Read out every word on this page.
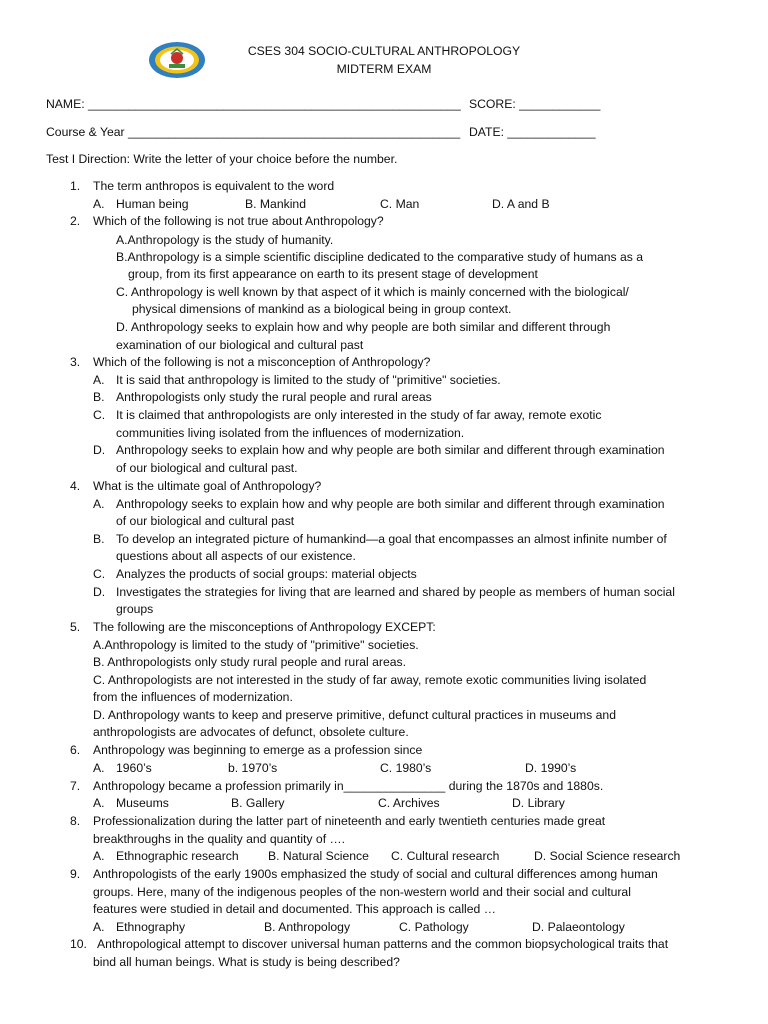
CSES 304 SOCIO-CULTURAL ANTHROPOLOGY
MIDTERM EXAM
NAME: _______________________________________________________ SCORE: ____________
Course & Year _________________________________________________ DATE: _____________
Test I Direction: Write the letter of your choice before the number.
1. The term anthropos is equivalent to the word
A. Human being	B. Mankind	C. Man	D. A and B
2. Which of the following is not true about Anthropology?
A.Anthropology is the study of humanity.
B.Anthropology is a simple scientific discipline dedicated to the comparative study of humans as a
group, from its first appearance on earth to its present stage of development
C. Anthropology is well known by that aspect of it which is mainly concerned with the biological/
physical dimensions of mankind as a biological being in group context.
D. Anthropology seeks to explain how and why people are both similar and different through
examination of our biological and cultural past
3. Which of the following is not a misconception of Anthropology?
A. It is said that anthropology is limited to the study of "primitive" societies.
B. Anthropologists only study the rural people and rural areas
C. It is claimed that anthropologists are only interested in the study of far away, remote exotic
communities living isolated from the influences of modernization.
D. Anthropology seeks to explain how and why people are both similar and different through examination
of our biological and cultural past.
4. What is the ultimate goal of Anthropology?
A. Anthropology seeks to explain how and why people are both similar and different through examination
of our biological and cultural past
B. To develop an integrated picture of humankind—a goal that encompasses an almost infinite number of
questions about all aspects of our existence.
C. Analyzes the products of social groups: material objects
D. Investigates the strategies for living that are learned and shared by people as members of human social
groups
5. The following are the misconceptions of Anthropology EXCEPT:
A.Anthropology is limited to the study of "primitive" societies.
B. Anthropologists only study rural people and rural areas.
C. Anthropologists are not interested in the study of far away, remote exotic communities living isolated
from the influences of modernization.
D. Anthropology wants to keep and preserve primitive, defunct cultural practices in museums and
anthropologists are advocates of defunct, obsolete culture.
6. Anthropology was beginning to emerge as a profession since
A. 1960’s	b. 1970’s	C. 1980’s	D. 1990’s
7. Anthropology became a profession primarily in_______________ during the 1870s and 1880s.
A. Museums	B. Gallery	C. Archives	D. Library
8. Professionalization during the latter part of nineteenth and early twentieth centuries made great
breakthroughs in the quality and quantity of ….
A. Ethnographic research B. Natural Science C. Cultural research	D. Social Science research
9. Anthropologists of the early 1900s emphasized the study of social and cultural differences among human
groups. Here, many of the indigenous peoples of the non-western world and their social and cultural
features were studied in detail and documented. This approach is called …
A. Ethnography	B. Anthropology	C. Pathology	D. Palaeontology
10. Anthropological attempt to discover universal human patterns and the common biopsychological traits that
bind all human beings. What is study is being described?
